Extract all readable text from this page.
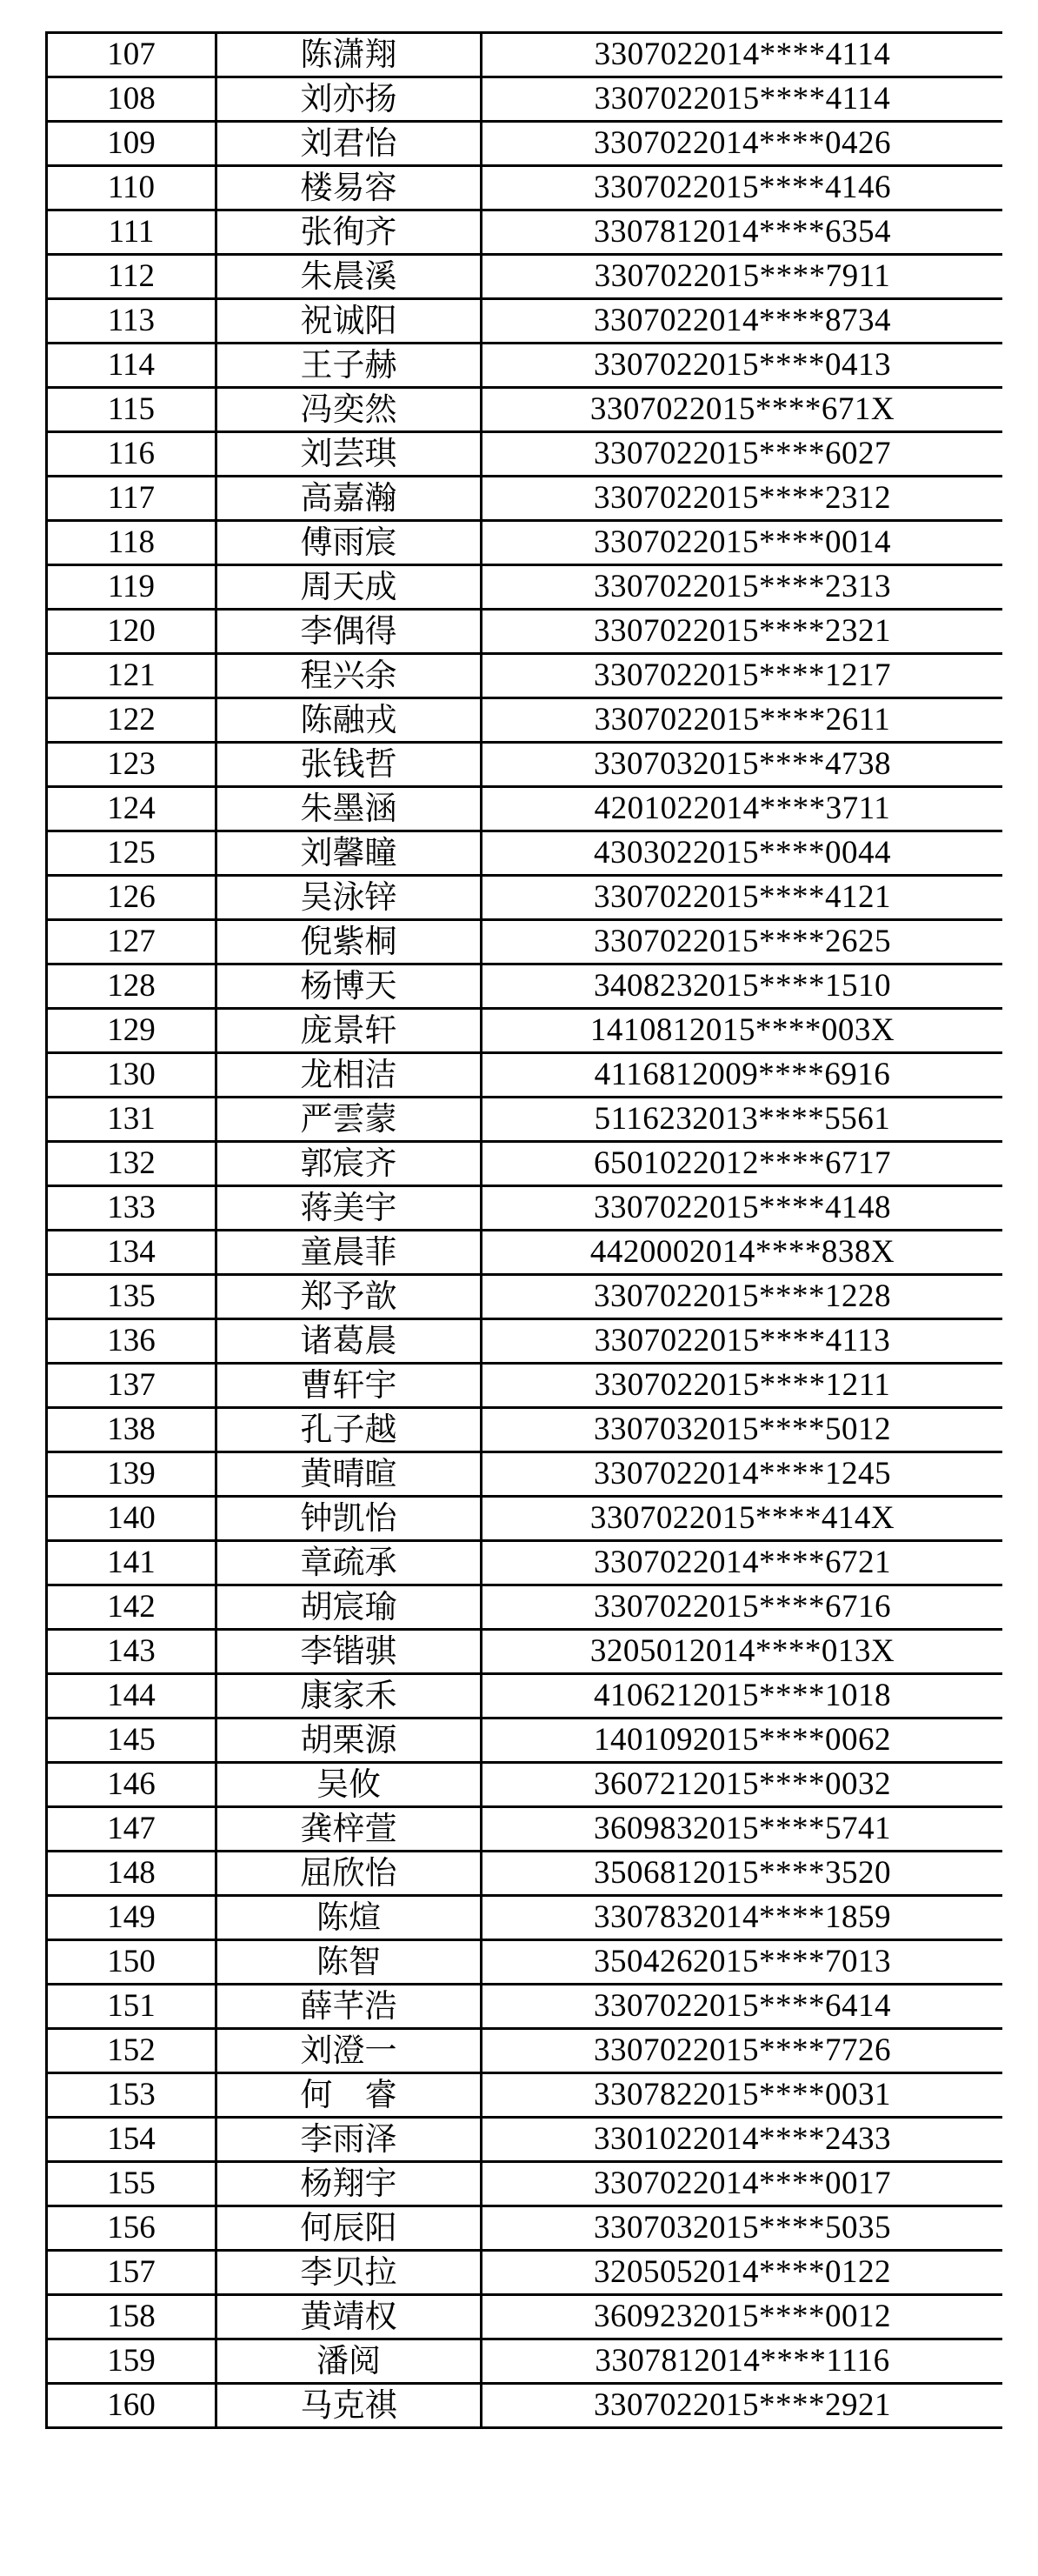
107	陈潇翔	3307022014****4114
108	刘亦扬	3307022015****4114
109	刘君怡	3307022014****0426
110	楼易容	3307022015****4146
111	张徇齐	3307812014****6354
112	朱晨溪	3307022015****7911
113	祝诚阳	3307022014****8734
114	王子赫	3307022015****0413
115	冯奕然	3307022015****671X
116	刘芸琪	3307022015****6027
117	高嘉瀚	3307022015****2312
118	傅雨宸	3307022015****0014
119	周天成	3307022015****2313
120	李偶得	3307022015****2321
121	程兴余	3307022015****1217
122	陈融戎	3307022015****2611
123	张钱哲	3307032015****4738
124	朱墨涵	4201022014****3711
125	刘馨瞳	4303022015****0044
126	吴泳锌	3307022015****4121
127	倪紫桐	3307022015****2625
128	杨博天	3408232015****1510
129	庞景轩	1410812015****003X
130	龙相洁	4116812009****6916
131	严雲蒙	5116232013****5561
132	郭宸齐	6501022012****6717
133	蒋美宇	3307022015****4148
134	童晨菲	4420002014****838X
135	郑予歆	3307022015****1228
136	诸葛晨	3307022015****4113
137	曹轩宇	3307022015****1211
138	孔子越	3307032015****5012
139	黄晴暄	3307022014****1245
140	钟凯怡	3307022015****414X
141	章疏承	3307022014****6721
142	胡宸瑜	3307022015****6716
143	李锴骐	3205012014****013X
144	康家禾	4106212015****1018
145	胡栗源	1401092015****0062
146	吴攸	3607212015****0032
147	龚梓萱	3609832015****5741
148	屈欣怡	3506812015****3520
149	陈煊	3307832014****1859
150	陈智	3504262015****7013
151	薛芊浩	3307022015****6414
152	刘澄一	3307022015****7726
153	何　睿	3307822015****0031
154	李雨泽	3301022014****2433
155	杨翔宇	3307022014****0017
156	何辰阳	3307032015****5035
157	李贝拉	3205052014****0122
158	黄靖权	3609232015****0012
159	潘阅	3307812014****1116
160	马克祺	3307022015****2921
